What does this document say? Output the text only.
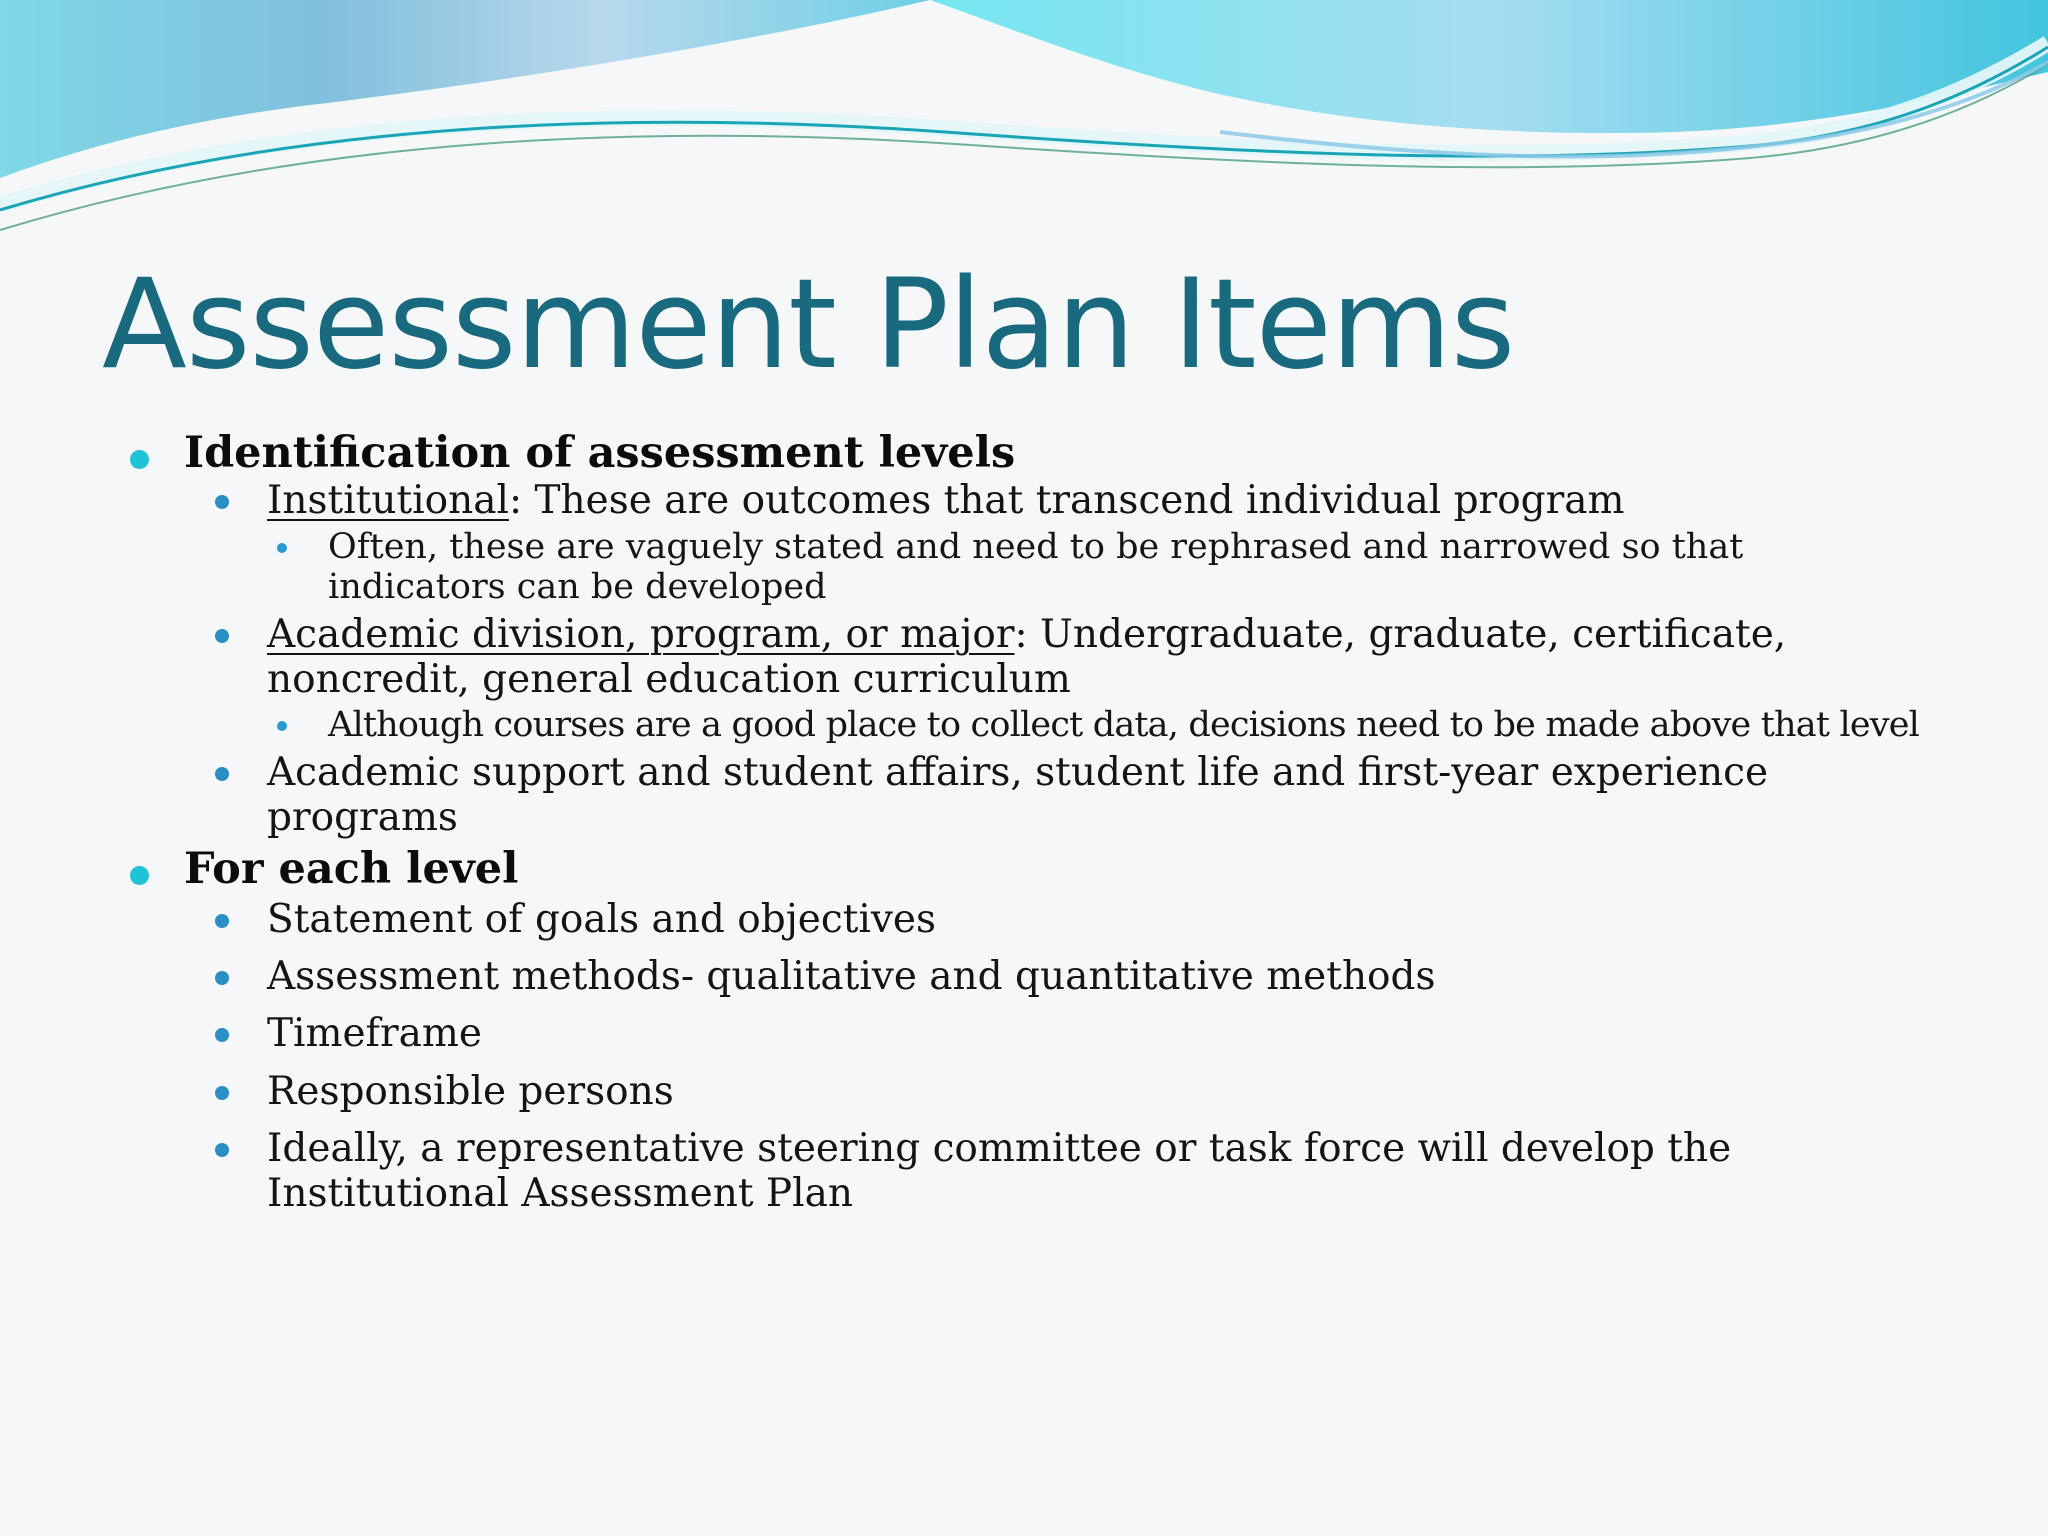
Assessment Plan Items

Identification of assessment levels

Institutional: These are outcomes that transcend individual program

Often, these are vaguely stated and need to be rephrased and narrowed so that indicators can be developed

Academic division, program, or major: Undergraduate, graduate, certificate, noncredit, general education curriculum

Although courses are a good place to collect data, decisions need to be made above that level

Academic support and student affairs, student life and first-year experience programs

For each level

Statement of goals and objectives

Assessment methods- qualitative and quantitative methods

Timeframe

Responsible persons

Ideally, a representative steering committee or task force will develop the Institutional Assessment Plan
